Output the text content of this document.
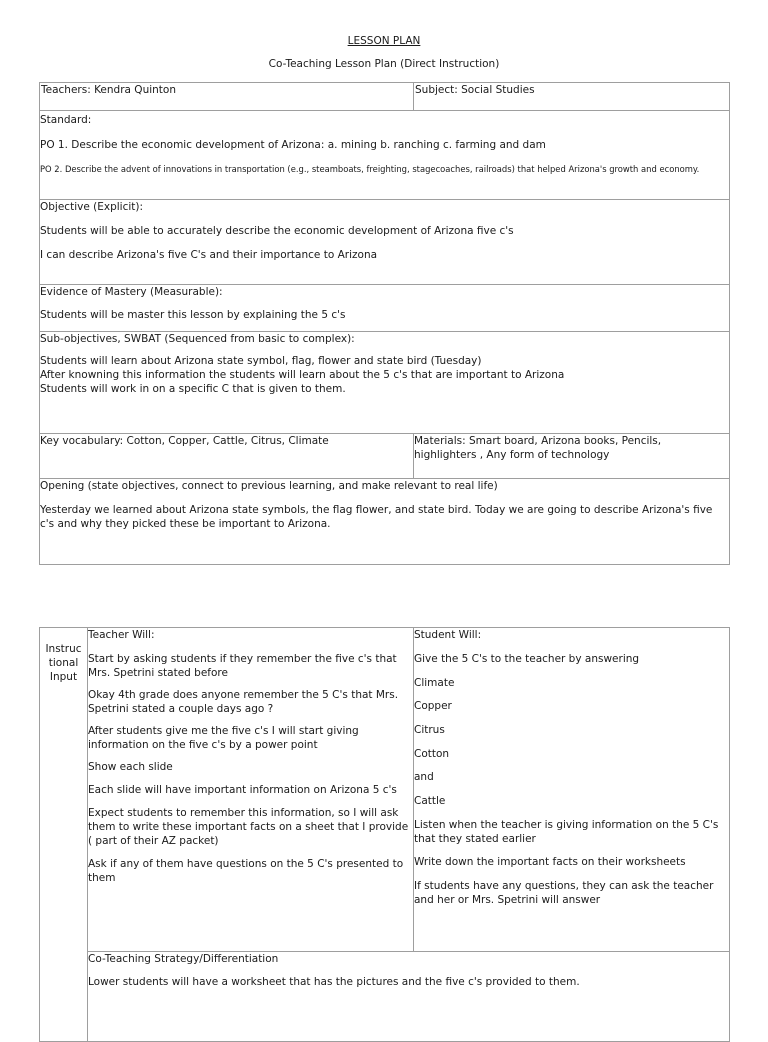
LESSON PLAN
Co-Teaching Lesson Plan (Direct Instruction)
Teachers: Kendra Quinton	Subject: Social Studies

Standard:

PO 1. Describe the economic development of Arizona: a. mining b. ranching c. farming and dam

PO 2. Describe the advent of innovations in transportation (e.g., steamboats, freighting, stagecoaches, railroads) that helped Arizona's growth and economy.	

Objective (Explicit):

Students will be able to accurately describe the economic development of Arizona five c's

I can describe Arizona's five C's and their importance to Arizona	

Evidence of Mastery (Measurable):

Students will be master this lesson by explaining the 5 c's	

Sub-objectives, SWBAT (Sequenced from basic to complex):

Students will learn about Arizona state symbol, flag, flower and state bird (Tuesday)

After knowning this information the students will learn about the 5 c's that are important to Arizona

Students will work in on a specific C that is given to them.	

Key vocabulary: Cotton, Copper, Cattle, Citrus, Climate	Materials: Smart board, Arizona books, Pencils,
highlighters , Any form of technology

Opening (state objectives, connect to previous learning, and make relevant to real life)

Yesterday we learned about Arizona state symbols, the flag flower, and state bird. Today we are going to describe Arizona's five c's and why they picked these be important to Arizona.	

Instruc
tional
Input

Teacher Will:

Start by asking students if they remember the five c's that Mrs. Spetrini stated before

Okay 4th grade does anyone remember the 5 C's that Mrs. Spetrini stated a couple days ago ?

After students give me the five c's I will start giving information on the five c's by a power point

Show each slide

Each slide will have important information on Arizona 5 c's

Expect students to remember this information, so I will ask them to write these important facts on a sheet that I provide ( part of their AZ packet)

Ask if any of them have questions on the 5 C's presented to them

Student Will:

Give the 5 C's to the teacher by answering

Climate

Copper

Citrus

Cotton

and

Cattle

Listen when the teacher is giving information on the 5 C's that they stated earlier

Write down the important facts on their worksheets

If students have any questions, they can ask the teacher and her or Mrs. Spetrini will answer

Co-Teaching Strategy/Differentiation

Lower students will have a worksheet that has the pictures and the five c's provided to them.
